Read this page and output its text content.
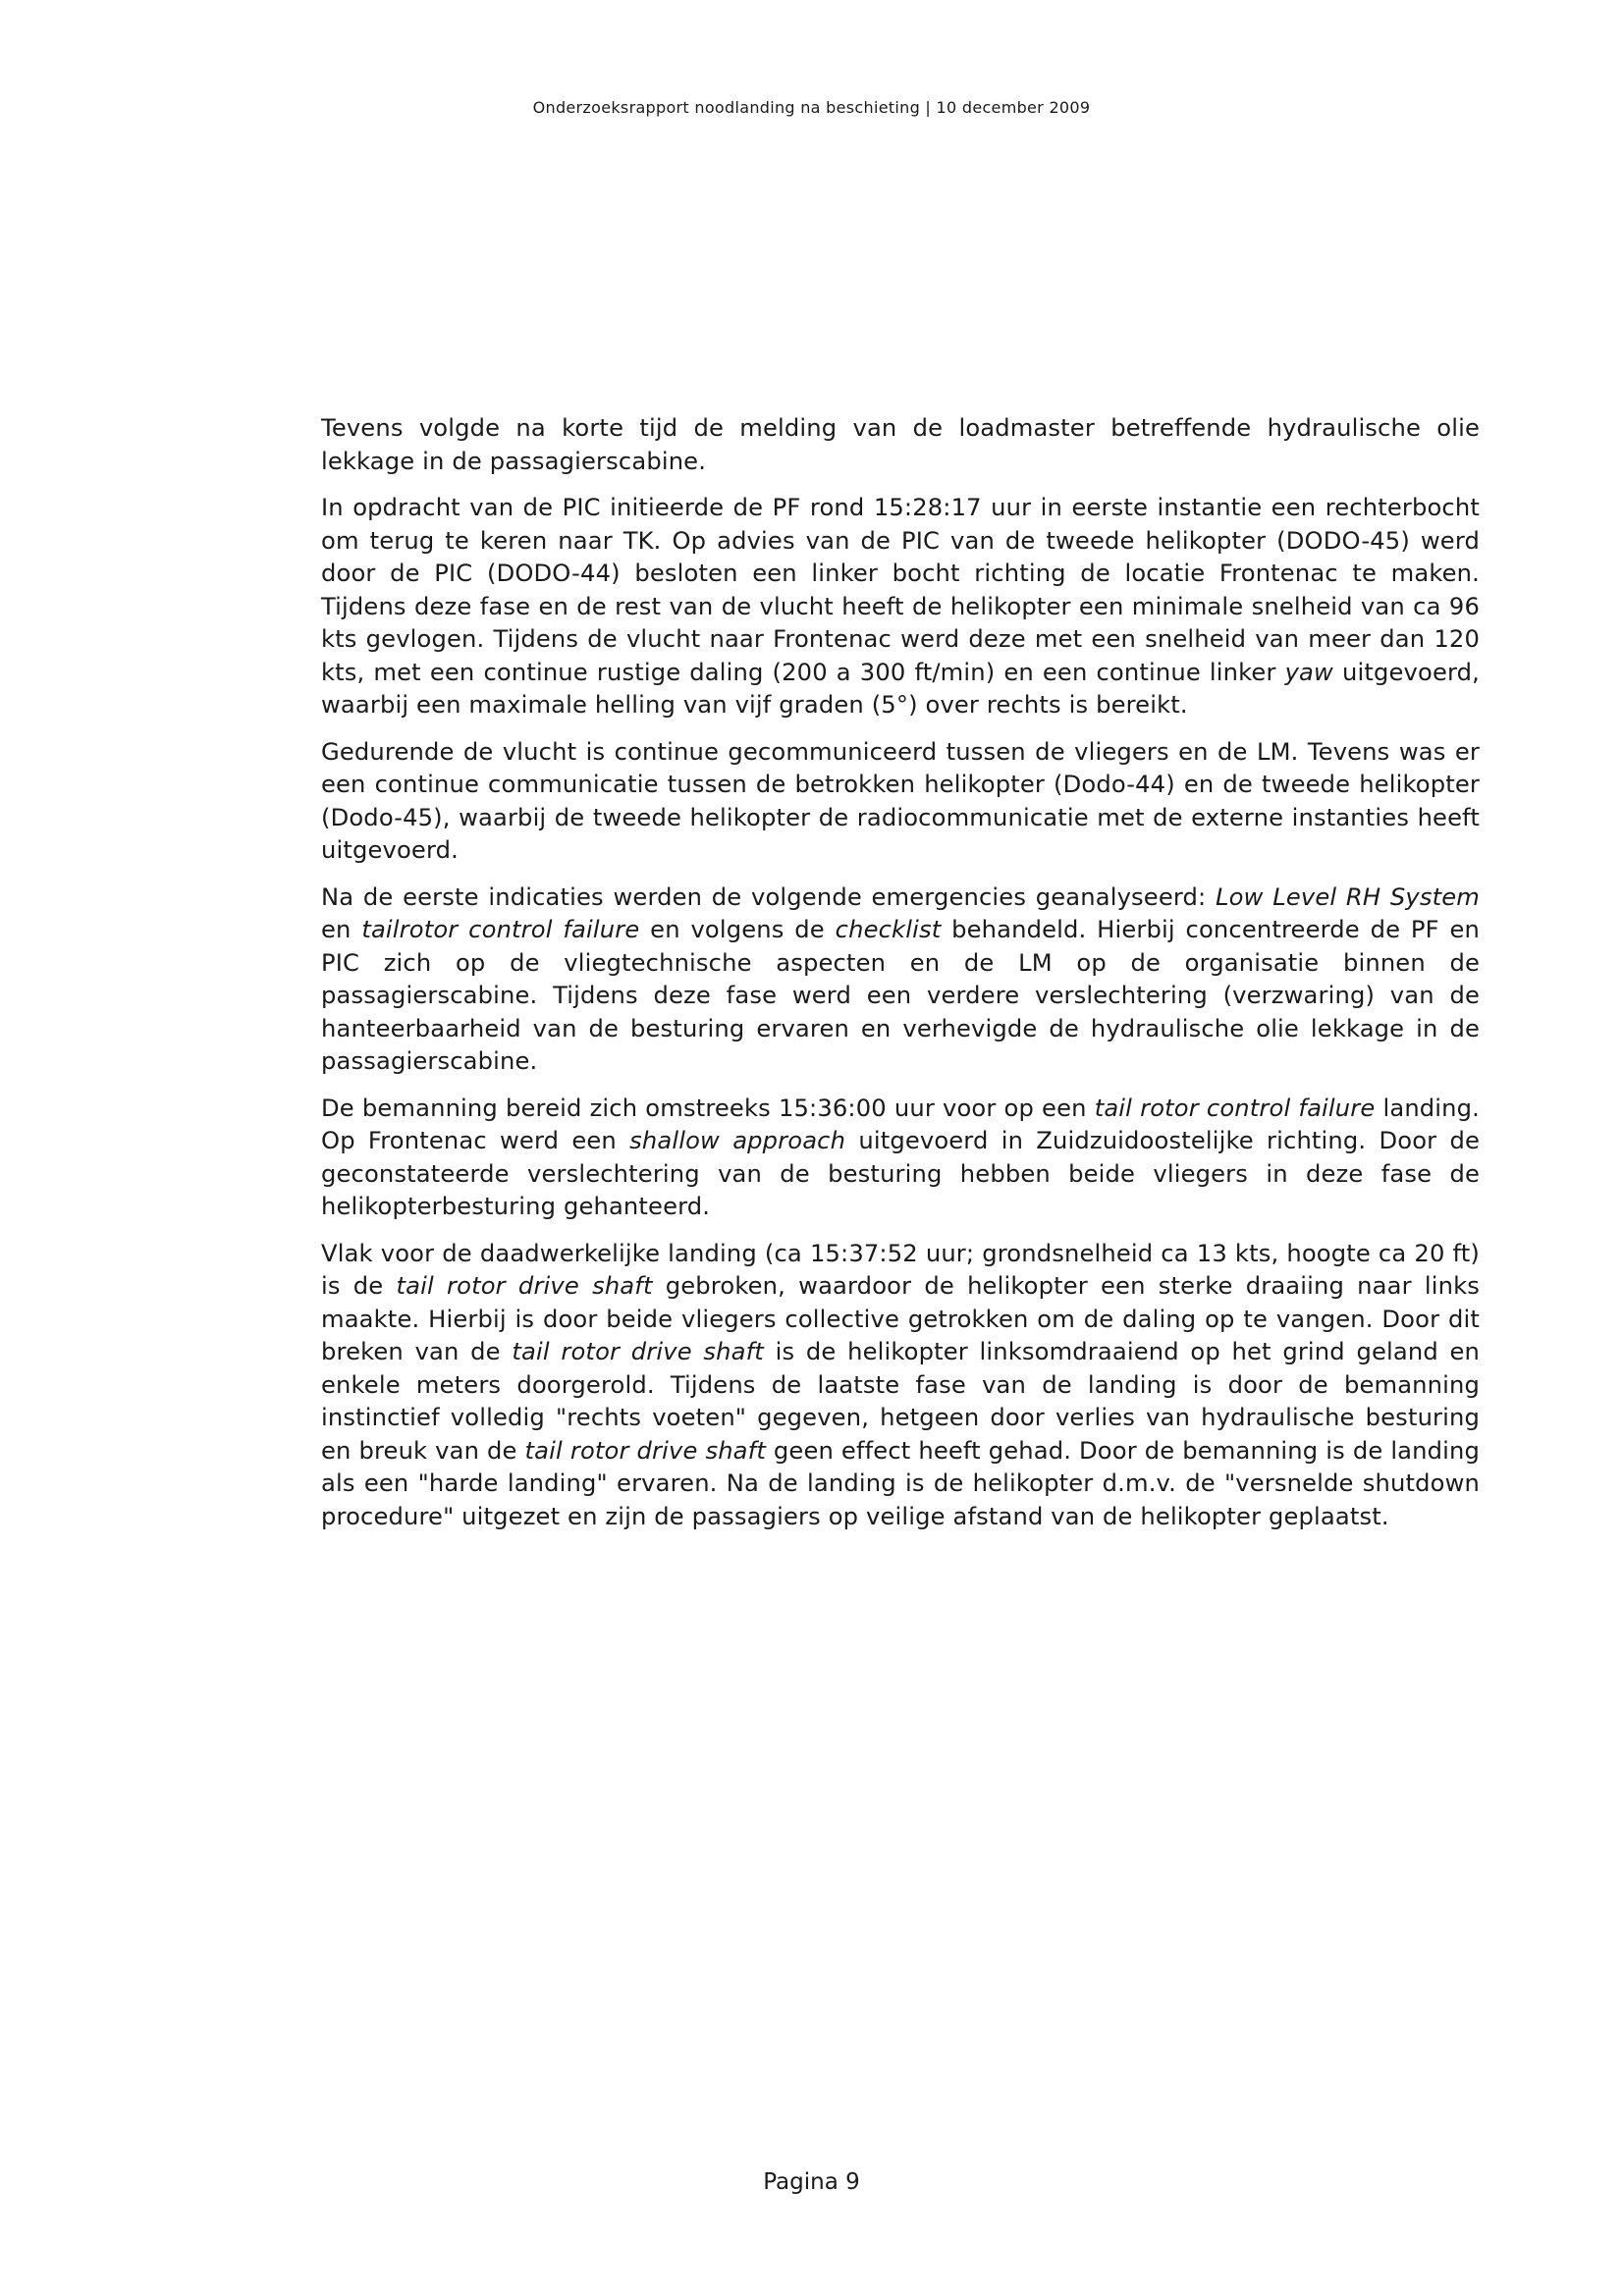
Onderzoeksrapport noodlanding na beschieting | 10 december 2009

Tevens volgde na korte tijd de melding van de loadmaster betreffende hydraulische olie lekkage in de passagierscabine.

In opdracht van de PIC initieerde de PF rond 15:28:17 uur in eerste instantie een rechterbocht om terug te keren naar TK. Op advies van de PIC van de tweede helikopter (DODO-45) werd door de PIC (DODO-44) besloten een linker bocht richting de locatie Frontenac te maken. Tijdens deze fase en de rest van de vlucht heeft de helikopter een minimale snelheid van ca 96 kts gevlogen. Tijdens de vlucht naar Frontenac werd deze met een snelheid van meer dan 120 kts, met een continue rustige daling (200 a 300 ft/min) en een continue linker yaw uitgevoerd, waarbij een maximale helling van vijf graden (5°) over rechts is bereikt.

Gedurende de vlucht is continue gecommuniceerd tussen de vliegers en de LM. Tevens was er een continue communicatie tussen de betrokken helikopter (Dodo-44) en de tweede helikopter (Dodo-45), waarbij de tweede helikopter de radiocommunicatie met de externe instanties heeft uitgevoerd.

Na de eerste indicaties werden de volgende emergencies geanalyseerd: Low Level RH System en tailrotor control failure en volgens de checklist behandeld. Hierbij concentreerde de PF en PIC zich op de vliegtechnische aspecten en de LM op de organisatie binnen de passagierscabine. Tijdens deze fase werd een verdere verslechtering (verzwaring) van de hanteerbaarheid van de besturing ervaren en verhevigde de hydraulische olie lekkage in de passagierscabine.

De bemanning bereid zich omstreeks 15:36:00 uur voor op een tail rotor control failure landing. Op Frontenac werd een shallow approach uitgevoerd in Zuidzuidoostelijke richting. Door de geconstateerde verslechtering van de besturing hebben beide vliegers in deze fase de helikopterbesturing gehanteerd.

Vlak voor de daadwerkelijke landing (ca 15:37:52 uur; grondsnelheid ca 13 kts, hoogte ca 20 ft) is de tail rotor drive shaft gebroken, waardoor de helikopter een sterke draaiing naar links maakte. Hierbij is door beide vliegers collective getrokken om de daling op te vangen. Door dit breken van de tail rotor drive shaft is de helikopter linksomdraaiend op het grind geland en enkele meters doorgerold. Tijdens de laatste fase van de landing is door de bemanning instinctief volledig "rechts voeten" gegeven, hetgeen door verlies van hydraulische besturing en breuk van de tail rotor drive shaft geen effect heeft gehad. Door de bemanning is de landing als een "harde landing" ervaren. Na de landing is de helikopter d.m.v. de "versnelde shutdown procedure" uitgezet en zijn de passagiers op veilige afstand van de helikopter geplaatst.

Pagina 9
